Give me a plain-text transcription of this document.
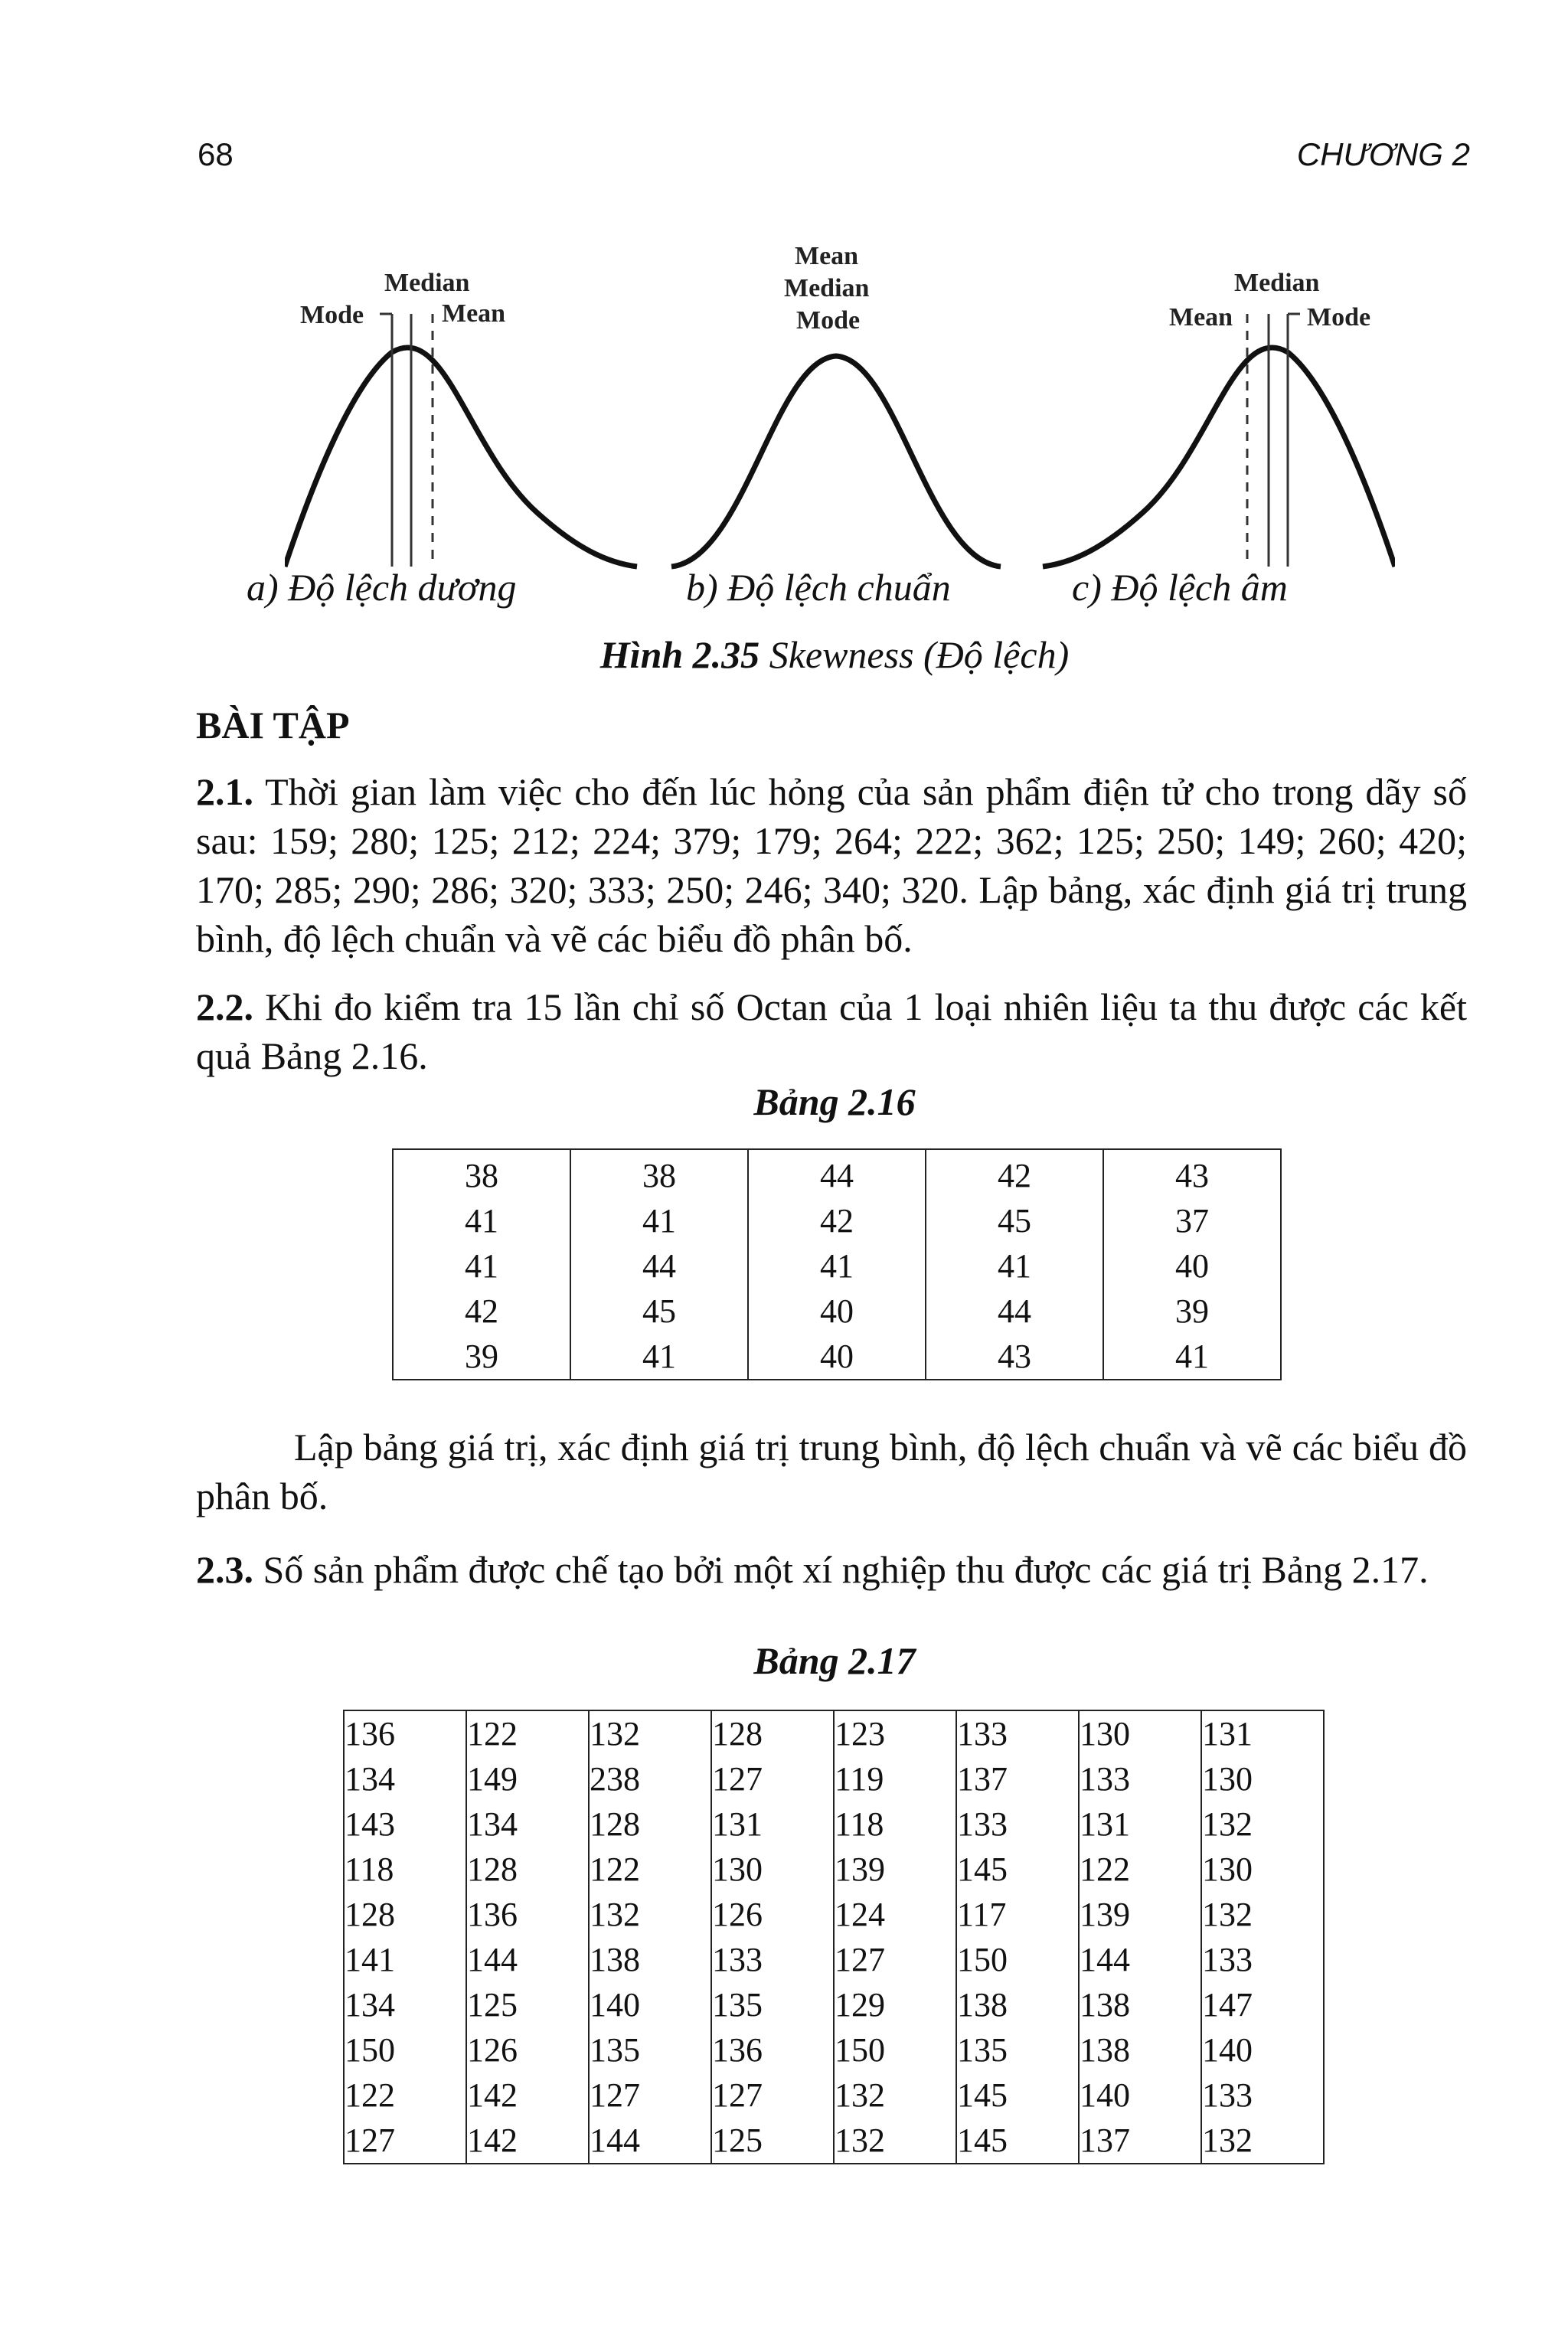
68	CHƯƠNG 2
Median
Mode	Mean
Mean
Median
Mode
Median
Mean	Mode
a) Độ lệch dương	b) Độ lệch chuẩn	c) Độ lệch âm
Hình 2.35 Skewness (Độ lệch)
BÀI TẬP
2.1. Thời gian làm việc cho đến lúc hỏng của sản phẩm điện tử cho trong dãy số sau: 159; 280; 125; 212; 224; 379; 179; 264; 222; 362; 125; 250; 149; 260; 420; 170; 285; 290; 286; 320; 333; 250; 246; 340; 320. Lập bảng, xác định giá trị trung bình, độ lệch chuẩn và vẽ các biểu đồ phân bố.
2.2. Khi đo kiểm tra 15 lần chỉ số Octan của 1 loại nhiên liệu ta thu được các kết quả Bảng 2.16.
Bảng 2.16
38	38	44	42	43
41	41	42	45	37
41	44	41	41	40
42	45	40	44	39
39	41	40	43	41
Lập bảng giá trị, xác định giá trị trung bình, độ lệch chuẩn và vẽ các biểu đồ phân bố.
2.3. Số sản phẩm được chế tạo bởi một xí nghiệp thu được các giá trị Bảng 2.17.
Bảng 2.17
136	122	132	128	123	133	130	131
134	149	238	127	119	137	133	130
143	134	128	131	118	133	131	132
118	128	122	130	139	145	122	130
128	136	132	126	124	117	139	132
141	144	138	133	127	150	144	133
134	125	140	135	129	138	138	147
150	126	135	136	150	135	138	140
122	142	127	127	132	145	140	133
127	142	144	125	132	145	137	132
